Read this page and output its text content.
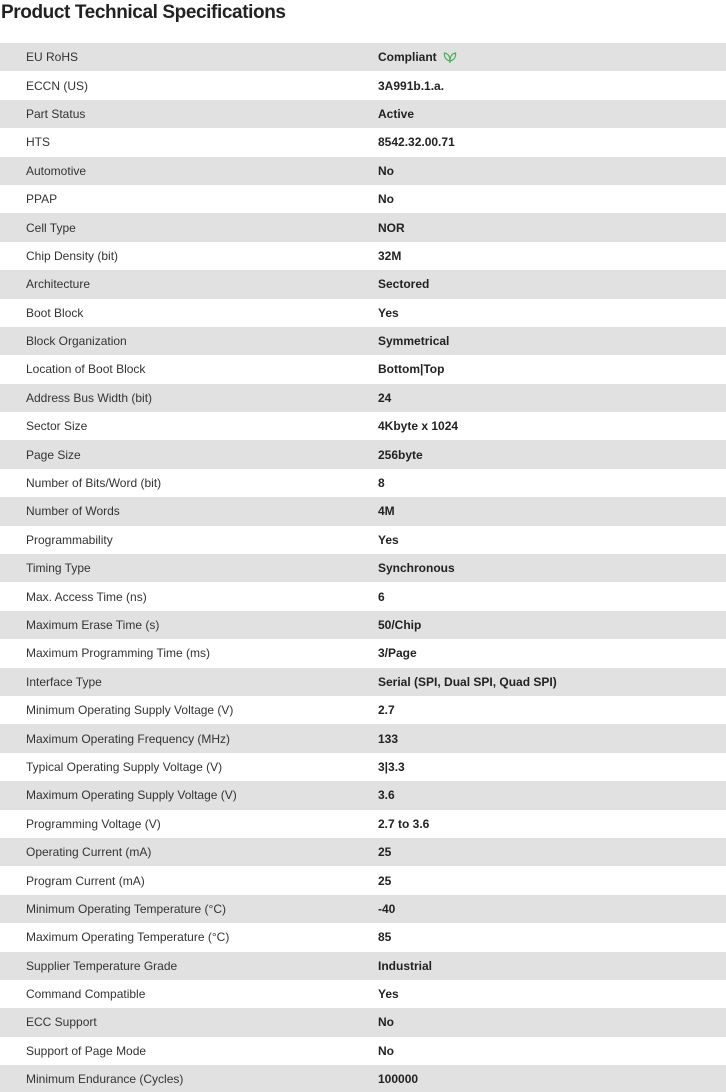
Product Technical Specifications
EU RoHS	Compliant
ECCN (US)	3A991b.1.a.
Part Status	Active
HTS	8542.32.00.71
Automotive	No
PPAP	No
Cell Type	NOR
Chip Density (bit)	32M
Architecture	Sectored
Boot Block	Yes
Block Organization	Symmetrical
Location of Boot Block	Bottom|Top
Address Bus Width (bit)	24
Sector Size	4Kbyte x 1024
Page Size	256byte
Number of Bits/Word (bit)	8
Number of Words	4M
Programmability	Yes
Timing Type	Synchronous
Max. Access Time (ns)	6
Maximum Erase Time (s)	50/Chip
Maximum Programming Time (ms)	3/Page
Interface Type	Serial (SPI, Dual SPI, Quad SPI)
Minimum Operating Supply Voltage (V)	2.7
Maximum Operating Frequency (MHz)	133
Typical Operating Supply Voltage (V)	3|3.3
Maximum Operating Supply Voltage (V)	3.6
Programming Voltage (V)	2.7 to 3.6
Operating Current (mA)	25
Program Current (mA)	25
Minimum Operating Temperature (°C)	-40
Maximum Operating Temperature (°C)	85
Supplier Temperature Grade	Industrial
Command Compatible	Yes
ECC Support	No
Support of Page Mode	No
Minimum Endurance (Cycles)	100000
